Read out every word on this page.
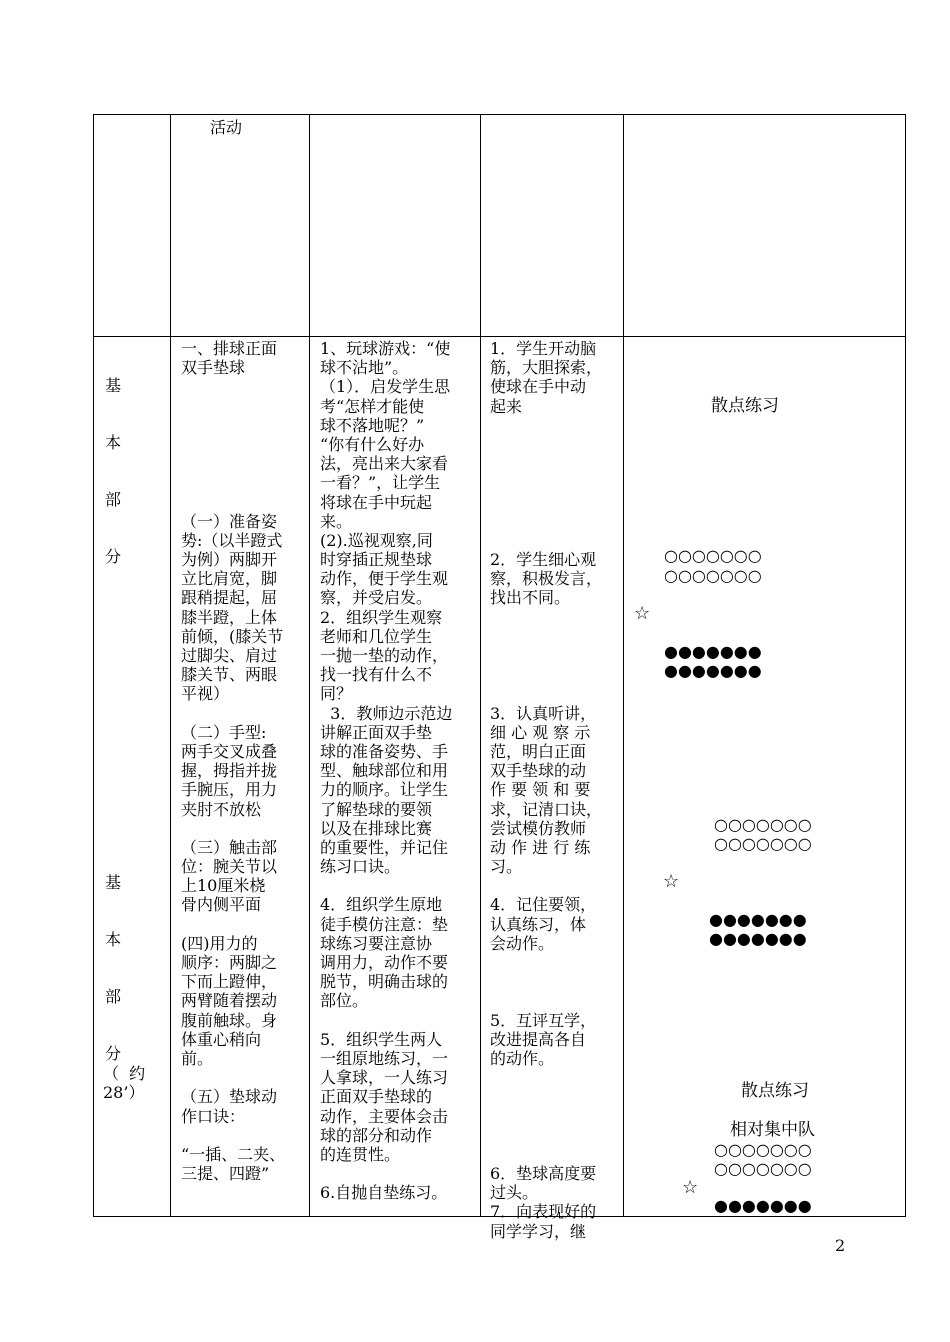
活动
基
本
部
分
基
本
部
分
（  约
28’）
一、排球正面
双手垫球
（一）准备姿
势:（以半蹬式
为例）两脚开
立比肩宽，脚
跟稍提起，屈
膝半蹬，上体
前倾，(膝关节
过脚尖、肩过
膝关节、两眼
平视）
（二）手型:
两手交叉成叠
握，拇指并拢
手腕压，用力
夹肘不放松
（三）触击部
位：腕关节以
上10厘米桡
骨内侧平面
(四)用力的
顺序：两脚之
下而上蹬伸，
两臂随着摆动
腹前触球。身
体重心稍向
前。
（五）垫球动
作口诀：
“一插、二夹、
三提、四蹬”
1、玩球游戏：“使
球不沾地”。
（1）．启发学生思
考“怎样才能使
球不落地呢？”
“你有什么好办
法，亮出来大家看
一看？”，让学生
将球在手中玩起
来。
(2).巡视观察,同
时穿插正规垫球
动作，便于学生观
察，并受启发。
2．组织学生观察
老师和几位学生
一抛一垫的动作，
找一找有什么不
同？
3．教师边示范边
讲解正面双手垫
球的准备姿势、手
型、触球部位和用
力的顺序。让学生
了解垫球的要领
以及在排球比赛
的重要性，并记住
练习口诀。
4．组织学生原地
徒手模仿注意：垫
球练习要注意协
调用力，动作不要
脱节，明确击球的
部位。
5．组织学生两人
一组原地练习，一
人拿球，一人练习
正面双手垫球的
动作，主要体会击
球的部分和动作
的连贯性。
6.自抛自垫练习。
1．学生开动脑
筋，大胆探索，
使球在手中动
起来
2．学生细心观
察，积极发言，
找出不同。
3．认真听讲，
细 心 观 察 示
范，明白正面
双手垫球的动
作 要 领 和 要
求，记清口诀，
尝试模仿教师
动 作 进 行 练
习。
4．记住要领，
认真练习，体
会动作。
5．互评互学，
改进提高各自
的动作。
6．垫球高度要
过头。
7．向表现好的
同学学习，继
散点练习
○○○○○○○
○○○○○○○
☆
●●●●●●●
●●●●●●●
○○○○○○○
○○○○○○○
☆
●●●●●●●
●●●●●●●
散点练习
相对集中队
○○○○○○○
○○○○○○○
☆
●●●●●●●
2
